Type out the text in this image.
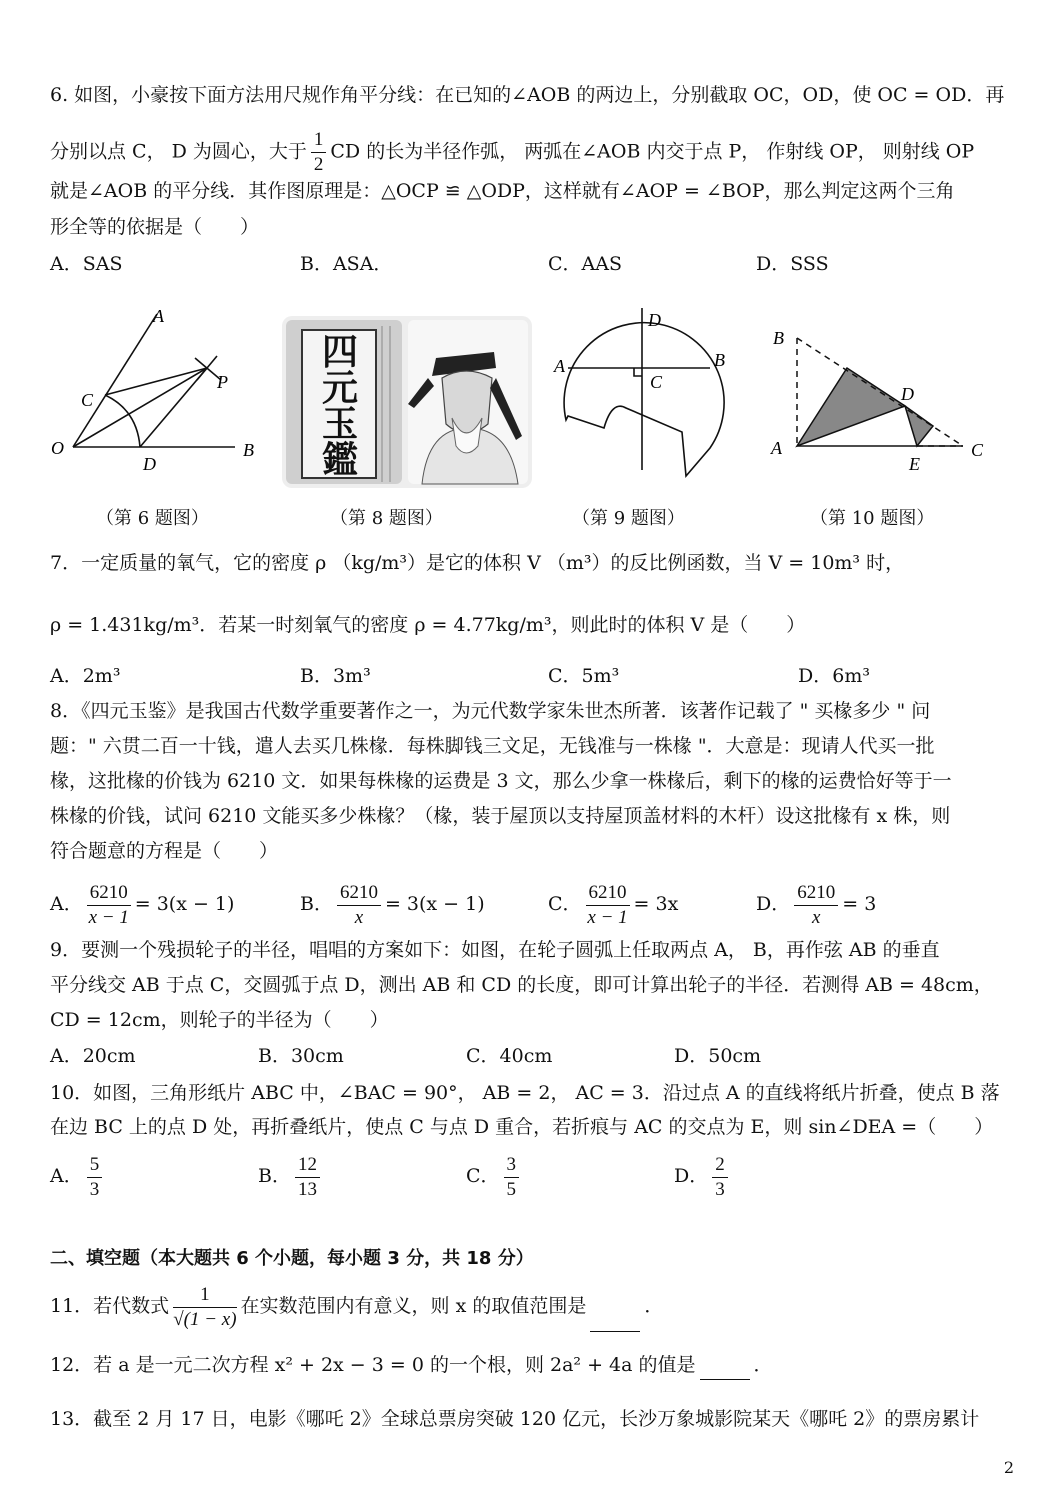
6. 如图，小豪按下面方法用尺规作角平分线：在已知的∠AOB 的两边上，分别截取 OC，OD，使 OC = OD．再
分别以点 C， D 为圆心，大于 $\frac{1}{2}$ CD 的长为半径作弧， 两弧在∠AOB 内交于点 P， 作射线 OP， 则射线 OP
就是∠AOB 的平分线．其作图原理是：△OCP ≌ △ODP，这样就有∠AOP = ∠BOP，那么判定这两个三角
形全等的依据是（　　）
A．SAS	B．ASA．	C．AAS	D．SSS
A
C
P
O
D
B
四元玉鑑
D
A	B
C
B
D
A
E
C
（第 6 题图）	（第 8 题图）	（第 9 题图）	（第 10 题图）
7．一定质量的氧气，它的密度 ρ （kg/m³）是它的体积 V （m³）的反比例函数，当 V = 10m³ 时，
ρ = 1.431kg/m³．若某一时刻氧气的密度 ρ = 4.77kg/m³，则此时的体积 V 是（　　）
A．2m³	B．3m³	C．5m³	D．6m³
8．《四元玉鉴》是我国古代数学重要著作之一，为元代数学家朱世杰所著．该著作记载了 " 买椽多少 " 问
题：" 六贯二百一十钱，遣人去买几株椽．每株脚钱三文足，无钱准与一株椽 "．大意是：现请人代买一批
椽，这批椽的价钱为 6210 文．如果每株椽的运费是 3 文，那么少拿一株椽后，剩下的椽的运费恰好等于一
株椽的价钱，试问 6210 文能买多少株椽？（椽，装于屋顶以支持屋顶盖材料的木杆）设这批椽有 x 株，则
符合题意的方程是（　　）
A． $\frac{6210}{x - 1} = 3(x - 1)$	B． $\frac{6210}{x} = 3(x - 1)$	C． $\frac{6210}{x - 1} = 3x$	D． $\frac{6210}{x} = 3$
9．要测一个残损轮子的半径，唱唱的方案如下：如图，在轮子圆弧上任取两点 A， B，再作弦 AB 的垂直
平分线交 AB 于点 C，交圆弧于点 D，测出 AB 和 CD 的长度，即可计算出轮子的半径．若测得 AB = 48cm，
CD = 12cm，则轮子的半径为（　　）
A．20cm	B．30cm	C．40cm	D．50cm
10．如图，三角形纸片 ABC 中，∠BAC = 90°， AB = 2， AC = 3．沿过点 A 的直线将纸片折叠，使点 B 落
在边 BC 上的点 D 处，再折叠纸片，使点 C 与点 D 重合，若折痕与 AC 的交点为 E，则 sin∠DEA =（　　）
A． $\frac{5}{3}$	B． $\frac{12}{13}$	C． $\frac{3}{5}$	D． $\frac{2}{3}$
二、填空题（本大题共 6 个小题，每小题 3 分，共 18 分）
11．若代数式 $\frac{1}{√(1 - x)}$ 在实数范围内有意义，则 x 的取值范围是	．
12．若 a 是一元二次方程 x² + 2x − 3 = 0 的一个根，则 2a² + 4a 的值是	．
13．截至 2 月 17 日，电影《哪吒 2》全球总票房突破 120 亿元，长沙万象城影院某天《哪吒 2》的票房累计
2
